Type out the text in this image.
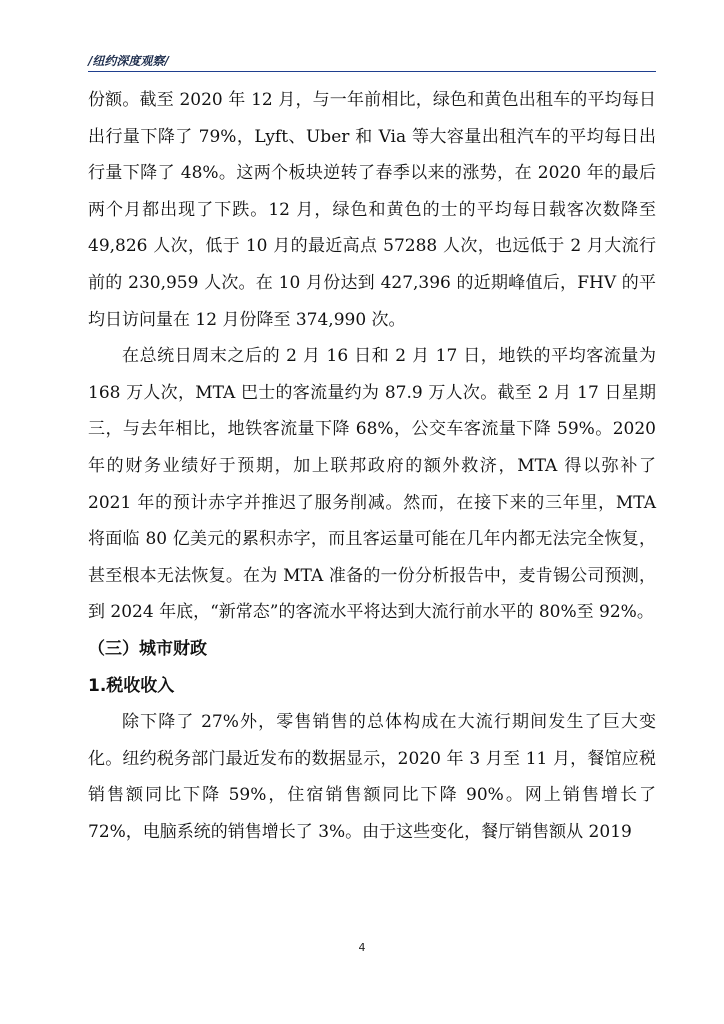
/纽约深度观察/

份额。截至 2020 年 12 月，与一年前相比，绿色和黄色出租车的平均每日出行量下降了 79%，Lyft、Uber 和 Via 等大容量出租汽车的平均每日出行量下降了 48%。这两个板块逆转了春季以来的涨势，在 2020 年的最后两个月都出现了下跌。12 月，绿色和黄色的士的平均每日载客次数降至 49,826 人次，低于 10 月的最近高点 57288 人次，也远低于 2 月大流行前的 230,959 人次。在 10 月份达到 427,396 的近期峰值后，FHV 的平均日访问量在 12 月份降至 374,990 次。

在总统日周末之后的 2 月 16 日和 2 月 17 日，地铁的平均客流量为 168 万人次，MTA 巴士的客流量约为 87.9 万人次。截至 2 月 17 日星期三，与去年相比，地铁客流量下降 68%，公交车客流量下降 59%。2020 年的财务业绩好于预期，加上联邦政府的额外救济，MTA 得以弥补了 2021 年的预计赤字并推迟了服务削减。然而，在接下来的三年里，MTA 将面临 80 亿美元的累积赤字，而且客运量可能在几年内都无法完全恢复，甚至根本无法恢复。在为 MTA 准备的一份分析报告中，麦肯锡公司预测，到 2024 年底，“新常态”的客流水平将达到大流行前水平的 80%至 92%。

（三）城市财政

1.税收收入

除下降了 27%外，零售销售的总体构成在大流行期间发生了巨大变化。纽约税务部门最近发布的数据显示，2020 年 3 月至 11 月，餐馆应税销售额同比下降 59%，住宿销售额同比下降 90%。网上销售增长了 72%，电脑系统的销售增长了 3%。由于这些变化，餐厅销售额从 2019

4
